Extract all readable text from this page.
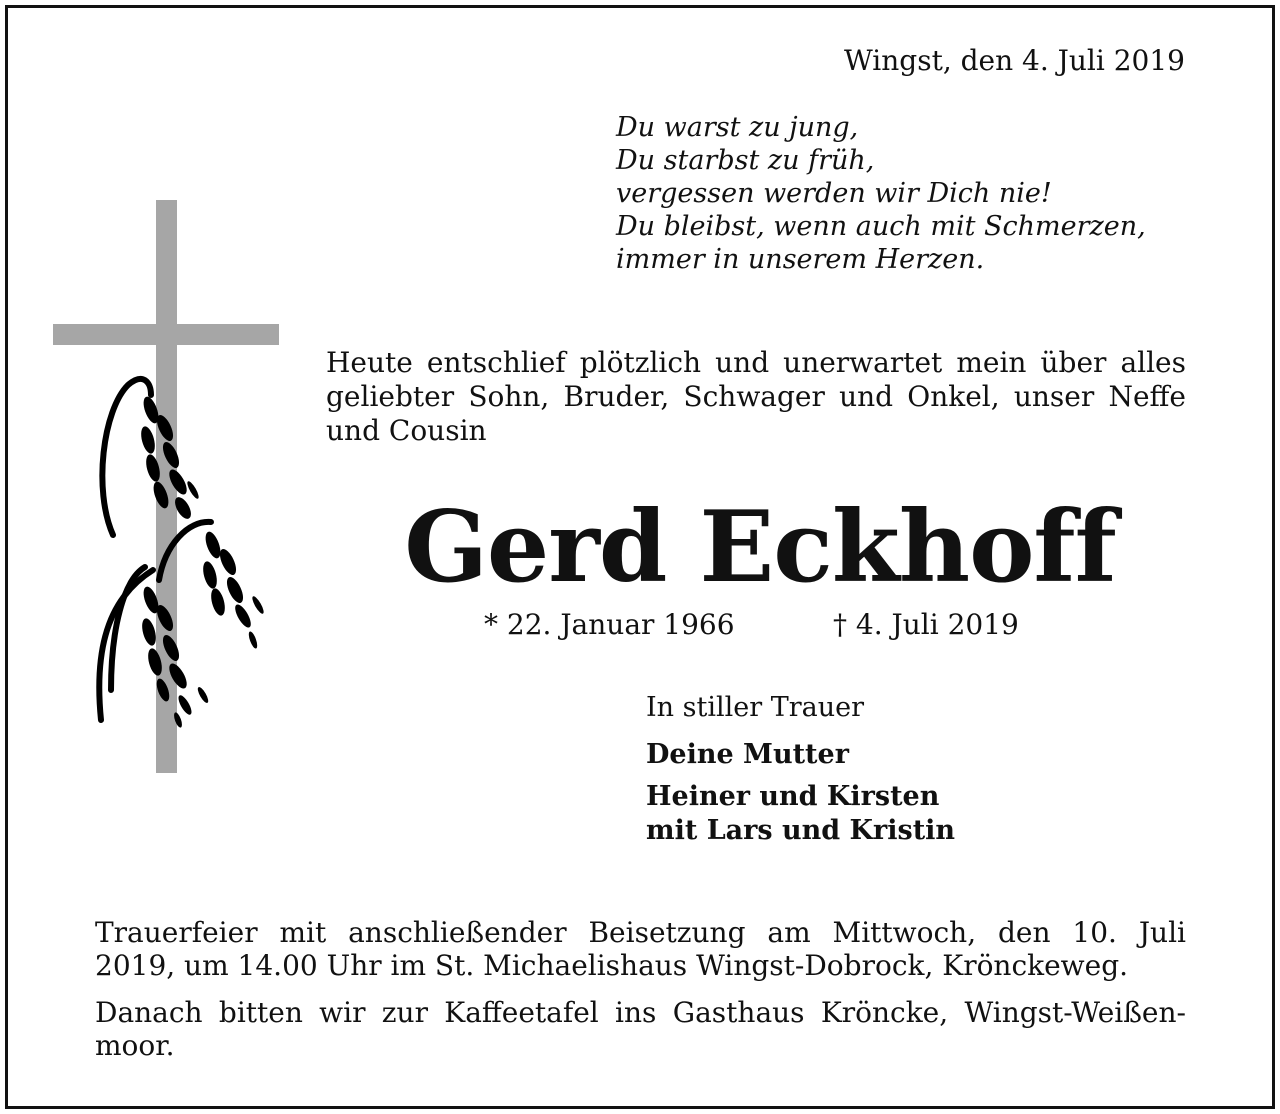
Wingst, den 4. Juli 2019
Du warst zu jung,
Du starbst zu früh,
vergessen werden wir Dich nie!
Du bleibst, wenn auch mit Schmerzen,
immer in unserem Herzen.
Heute entschlief plötzlich und unerwartet mein über alles
geliebter Sohn, Bruder, Schwager und Onkel, unser Neffe
und Cousin
Gerd Eckhoff
* 22. Januar 1966	† 4. Juli 2019
In stiller Trauer
Deine Mutter
Heiner und Kirsten
mit Lars und Kristin
Trauerfeier mit anschließender Beisetzung am Mittwoch, den 10. Juli
2019, um 14.00 Uhr im St. Michaelishaus Wingst-Dobrock, Krönckeweg.
Danach bitten wir zur Kaffeetafel ins Gasthaus Kröncke, Wingst-Weißen-
moor.
